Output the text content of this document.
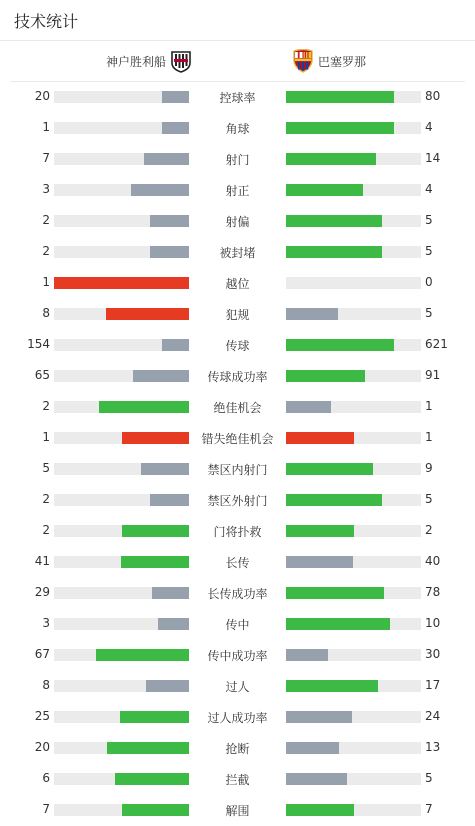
技术统计
神户胜利船	巴塞罗那
20	控球率	80
1	角球	4
7	射门	14
3	射正	4
2	射偏	5
2	被封堵	5
1	越位	0
8	犯规	5
154	传球	621
65	传球成功率	91
2	绝佳机会	1
1	错失绝佳机会	1
5	禁区内射门	9
2	禁区外射门	5
2	门将扑救	2
41	长传	40
29	长传成功率	78
3	传中	10
67	传中成功率	30
8	过人	17
25	过人成功率	24
20	抢断	13
6	拦截	5
7	解围	7
